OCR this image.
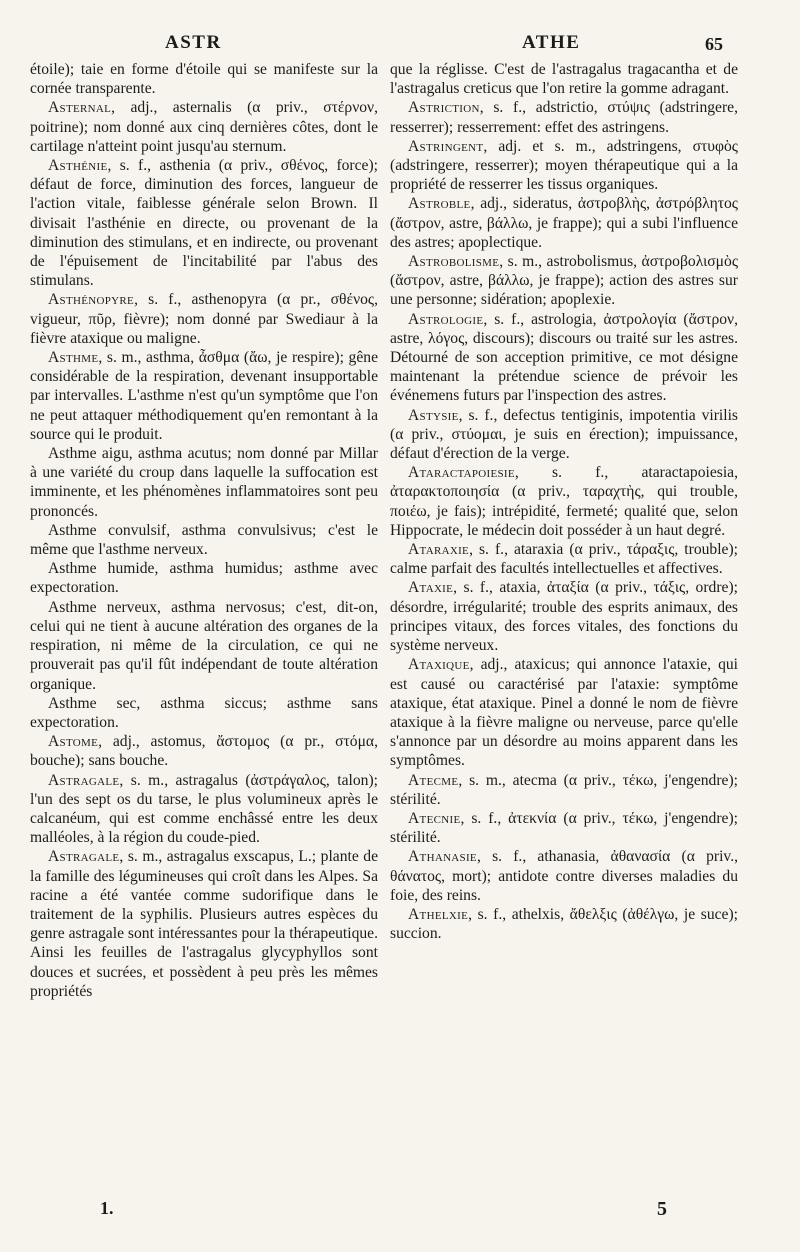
ASTR	ATHE	65

étoile); taie en forme d'étoile qui se manifeste sur la cornée transparente.

Asternal, adj., asternalis (α priv., στέρνον, poitrine); nom donné aux cinq dernières côtes, dont le cartilage n'atteint point jusqu'au sternum.

Asthénie, s. f., asthenia (α priv., σθένος, force); défaut de force, diminution des forces, langueur de l'action vitale, faiblesse générale selon Brown. Il divisait l'asthénie en directe, ou provenant de la diminution des stimulans, et en indirecte, ou provenant de l'épuisement de l'incitabilité par l'abus des stimulans.

Asthénopyre, s. f., asthenopyra (α pr., σθένος, vigueur, πῦρ, fièvre); nom donné par Swediaur à la fièvre ataxique ou maligne.

Asthme, s. m., asthma, ἆσθμα (ἄω, je respire); gêne considérable de la respiration, devenant insupportable par intervalles. L'asthme n'est qu'un symptôme que l'on ne peut attaquer méthodiquement qu'en remontant à la source qui le produit.

Asthme aigu, asthma acutus; nom donné par Millar à une variété du croup dans laquelle la suffocation est imminente, et les phénomènes inflammatoires sont peu prononcés.

Asthme convulsif, asthma convulsivus; c'est le même que l'asthme nerveux.

Asthme humide, asthma humidus; asthme avec expectoration.

Asthme nerveux, asthma nervosus; c'est, dit-on, celui qui ne tient à aucune altération des organes de la respiration, ni même de la circulation, ce qui ne prouverait pas qu'il fût indépendant de toute altération organique.

Asthme sec, asthma siccus; asthme sans expectoration.

Astome, adj., astomus, ἄστομος (α pr., στόμα, bouche); sans bouche.

Astragale, s. m., astragalus (ἀστράγαλος, talon); l'un des sept os du tarse, le plus volumineux après le calcanéum, qui est comme enchâssé entre les deux malléoles, à la région du coude-pied.

Astragale, s. m., astragalus exscapus, L.; plante de la famille des légumineuses qui croît dans les Alpes. Sa racine a été vantée comme sudorifique dans le traitement de la syphilis. Plusieurs autres espèces du genre astragale sont intéressantes pour la thérapeutique. Ainsi les feuilles de l'astragalus glycyphyllos sont douces et sucrées, et possèdent à peu près les mêmes propriétés

que la réglisse. C'est de l'astragalus tragacantha et de l'astragalus creticus que l'on retire la gomme adragant.

Astriction, s. f., adstrictio, στύψις (adstringere, resserrer); resserrement: effet des astringens.

Astringent, adj. et s. m., adstringens, στυφὸς (adstringere, resserrer); moyen thérapeutique qui a la propriété de resserrer les tissus organiques.

Astroble, adj., sideratus, ἀστροβλὴς, ἀστρόβλητος (ἄστρον, astre, βάλλω, je frappe); qui a subi l'influence des astres; apoplectique.

Astrobolisme, s. m., astrobolismus, ἀστροβολισμὸς (ἄστρον, astre, βάλλω, je frappe); action des astres sur une personne; sidération; apoplexie.

Astrologie, s. f., astrologia, ἀστρολογία (ἄστρον, astre, λόγος, discours); discours ou traité sur les astres. Détourné de son acception primitive, ce mot désigne maintenant la prétendue science de prévoir les événemens futurs par l'inspection des astres.

Astysie, s. f., defectus tentiginis, impotentia virilis (α priv., στύομαι, je suis en érection); impuissance, défaut d'érection de la verge.

Ataractapoiesie, s. f., ataractapoiesia, ἀταρακτοποιησία (α priv., ταραχτὴς, qui trouble, ποιέω, je fais); intrépidité, fermeté; qualité que, selon Hippocrate, le médecin doit posséder à un haut degré.

Ataraxie, s. f., ataraxia (α priv., τάραξις, trouble); calme parfait des facultés intellectuelles et affectives.

Ataxie, s. f., ataxia, ἀταξία (α priv., τάξις, ordre); désordre, irrégularité; trouble des esprits animaux, des principes vitaux, des forces vitales, des fonctions du système nerveux.

Ataxique, adj., ataxicus; qui annonce l'ataxie, qui est causé ou caractérisé par l'ataxie: symptôme ataxique, état ataxique. Pinel a donné le nom de fièvre ataxique à la fièvre maligne ou nerveuse, parce qu'elle s'annonce par un désordre au moins apparent dans les symptômes.

Atecme, s. m., atecma (α priv., τέκω, j'engendre); stérilité.

Atecnie, s. f., ἀτεκνία (α priv., τέκω, j'engendre); stérilité.

Athanasie, s. f., athanasia, ἀθανασία (α priv., θάνατος, mort); antidote contre diverses maladies du foie, des reins.

Athelxie, s. f., athelxis, ἄθελξις (ἀθέλγω, je suce); succion.

1.	5
